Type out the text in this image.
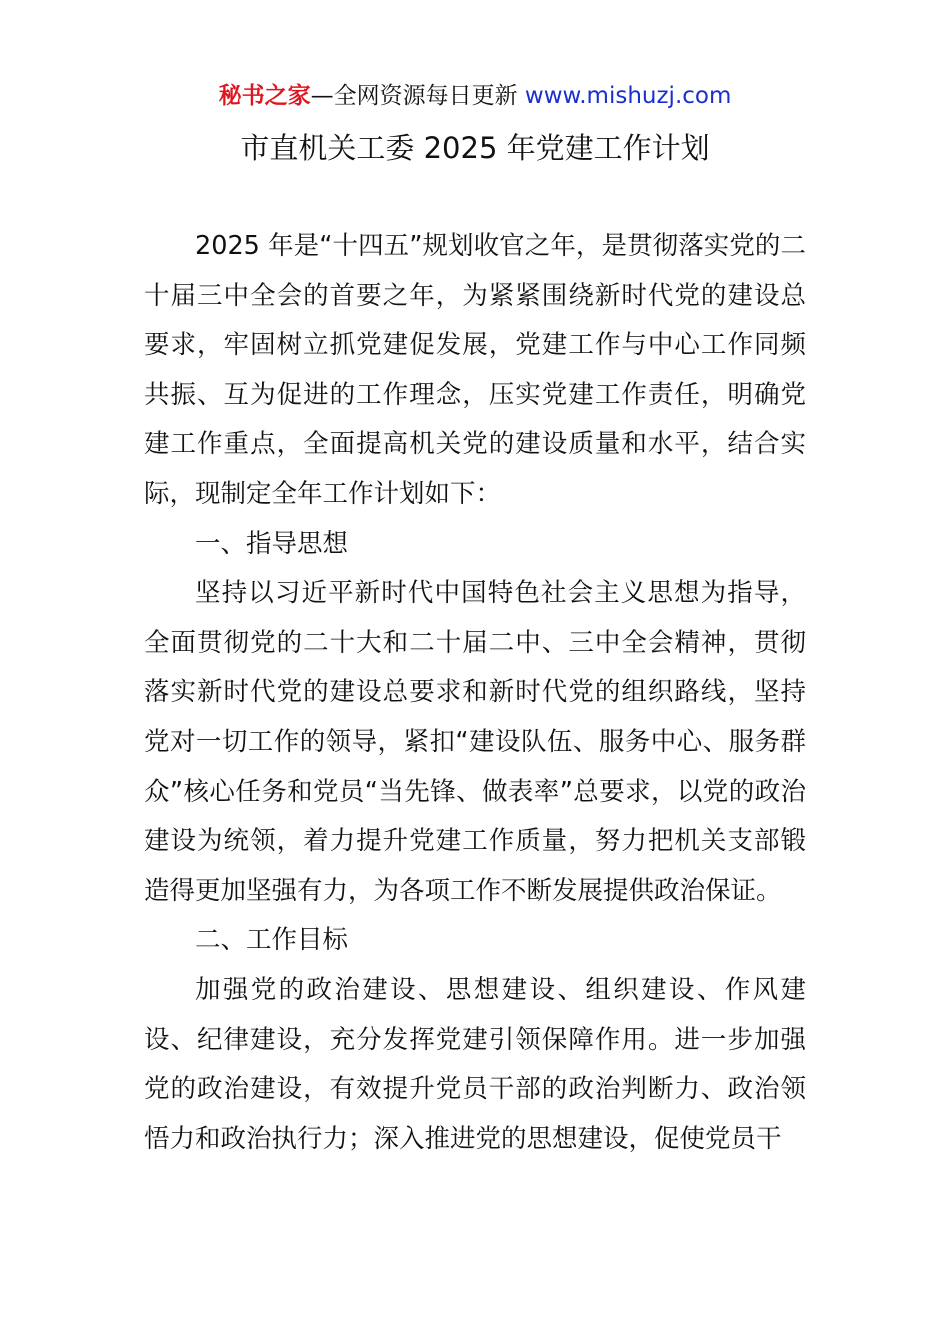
秘书之家—全网资源每日更新 www.mishuzj.com
市直机关工委 2025 年党建工作计划

2025 年是“十四五”规划收官之年，是贯彻落实党的二十届三中全会的首要之年，为紧紧围绕新时代党的建设总要求，牢固树立抓党建促发展，党建工作与中心工作同频共振、互为促进的工作理念，压实党建工作责任，明确党建工作重点，全面提高机关党的建设质量和水平，结合实际，现制定全年工作计划如下：

一、指导思想

坚持以习近平新时代中国特色社会主义思想为指导，全面贯彻党的二十大和二十届二中、三中全会精神，贯彻落实新时代党的建设总要求和新时代党的组织路线，坚持党对一切工作的领导，紧扣“建设队伍、服务中心、服务群众”核心任务和党员“当先锋、做表率”总要求，以党的政治建设为统领，着力提升党建工作质量，努力把机关支部锻造得更加坚强有力，为各项工作不断发展提供政治保证。

二、工作目标

加强党的政治建设、思想建设、组织建设、作风建设、纪律建设，充分发挥党建引领保障作用。进一步加强党的政治建设，有效提升党员干部的政治判断力、政治领悟力和政治执行力；深入推进党的思想建设，促使党员干
